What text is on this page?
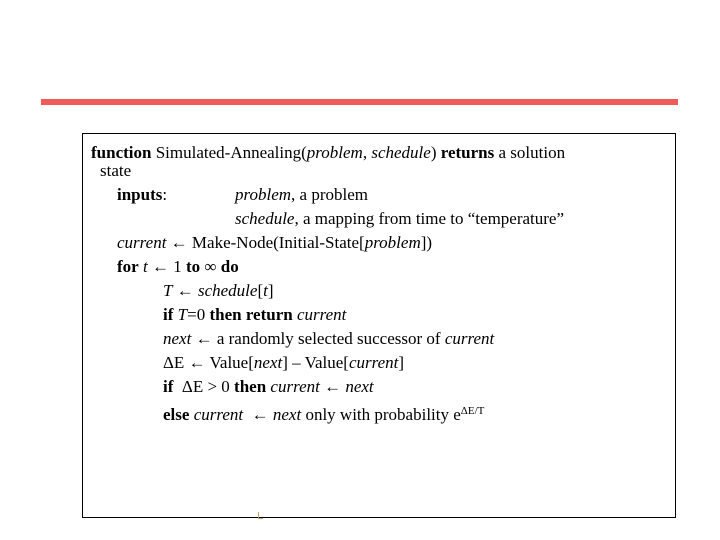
function Simulated-Annealing(problem, schedule) returns a solution
state
inputs:	problem, a problem
schedule, a mapping from time to “temperature”
current ← Make-Node(Initial-State[problem])
for t ← 1 to ∞ do
T ← schedule[t]
if T=0 then return current
next ← a randomly selected successor of current
ΔE ← Value[next] – Value[current]
if  ΔE > 0 then current ← next
else current  ← next only with probability $e^{\Delta E/T}$
